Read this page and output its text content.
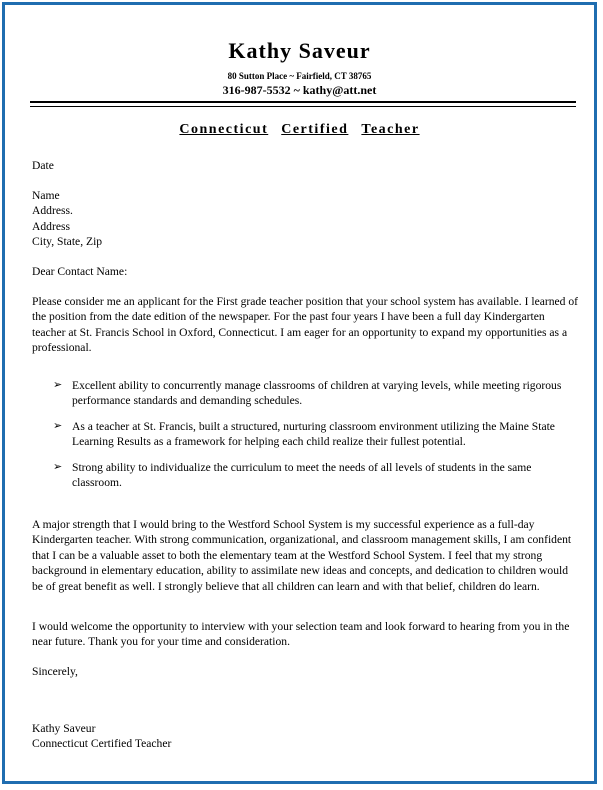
Kathy Saveur
80 Sutton Place ~ Fairfield, CT 38765
316-987-5532 ~ kathy@att.net
Connecticut Certified Teacher
Date
Name
Address.
Address
City, State, Zip
Dear Contact Name:
Please consider me an applicant for the First grade teacher position that your school system has available. I learned of the position from the date edition of the newspaper. For the past four years I have been a full day Kindergarten teacher at St. Francis School in Oxford, Connecticut. I am eager for an opportunity to expand my opportunities as a professional.
➢ Excellent ability to concurrently manage classrooms of children at varying levels, while meeting rigorous performance standards and demanding schedules.
➢ As a teacher at St. Francis, built a structured, nurturing classroom environment utilizing the Maine State Learning Results as a framework for helping each child realize their fullest potential.
➢ Strong ability to individualize the curriculum to meet the needs of all levels of students in the same classroom.
A major strength that I would bring to the Westford School System is my successful experience as a full-day Kindergarten teacher. With strong communication, organizational, and classroom management skills, I am confident that I can be a valuable asset to both the elementary team at the Westford School System. I feel that my strong background in elementary education, ability to assimilate new ideas and concepts, and dedication to children would be of great benefit as well. I strongly believe that all children can learn and with that belief, children do learn.
I would welcome the opportunity to interview with your selection team and look forward to hearing from you in the near future. Thank you for your time and consideration.
Sincerely,
Kathy Saveur
Connecticut Certified Teacher
